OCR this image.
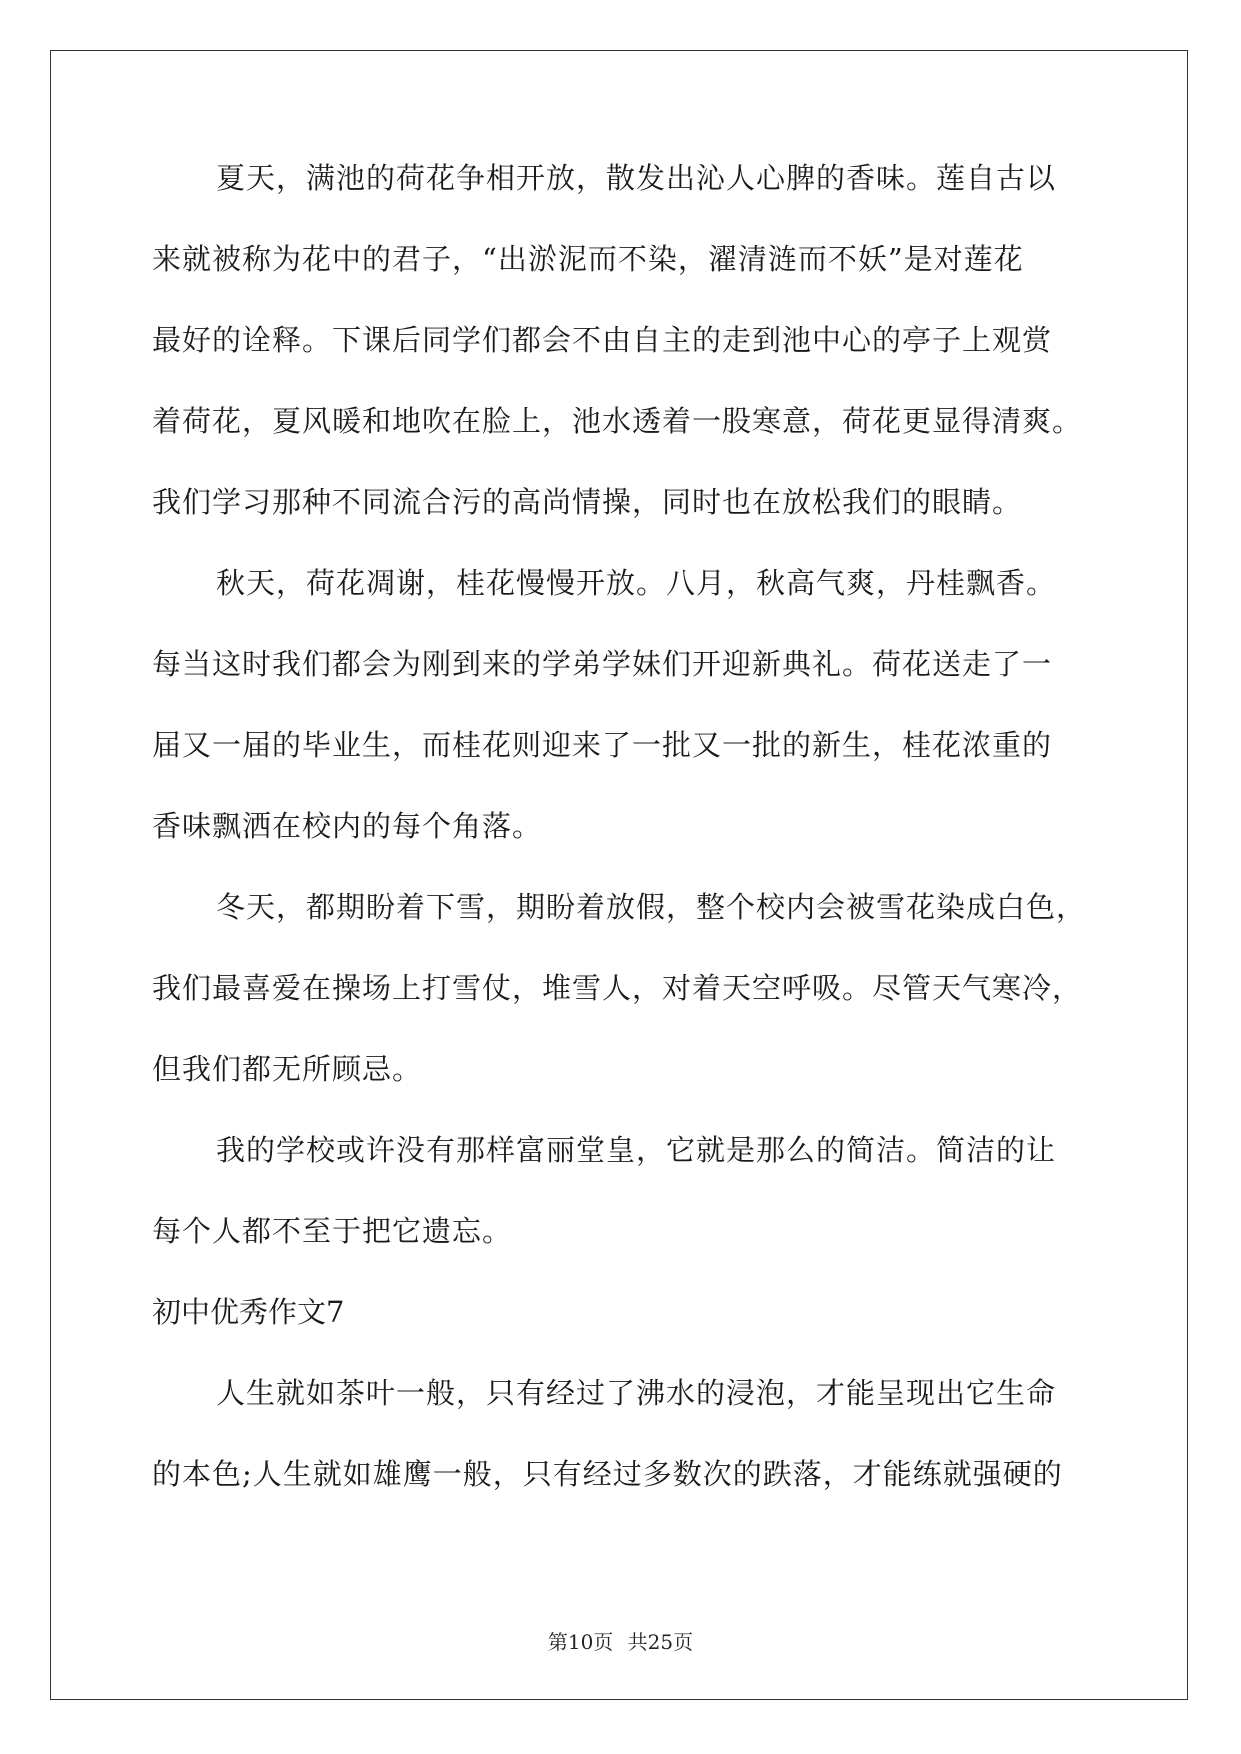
夏天，满池的荷花争相开放，散发出沁人心脾的香味。莲自古以
来就被称为花中的君子，“出淤泥而不染，濯清涟而不妖”是对莲花
最好的诠释。下课后同学们都会不由自主的走到池中心的亭子上观赏
着荷花，夏风暖和地吹在脸上，池水透着一股寒意，荷花更显得清爽。
我们学习那种不同流合污的高尚情操，同时也在放松我们的眼睛。
秋天，荷花凋谢，桂花慢慢开放。八月，秋高气爽，丹桂飘香。
每当这时我们都会为刚到来的学弟学妹们开迎新典礼。荷花送走了一
届又一届的毕业生，而桂花则迎来了一批又一批的新生，桂花浓重的
香味飘洒在校内的每个角落。
冬天，都期盼着下雪，期盼着放假，整个校内会被雪花染成白色，
我们最喜爱在操场上打雪仗，堆雪人，对着天空呼吸。尽管天气寒冷，
但我们都无所顾忌。
我的学校或许没有那样富丽堂皇，它就是那么的简洁。简洁的让
每个人都不至于把它遗忘。
初中优秀作文7
人生就如茶叶一般，只有经过了沸水的浸泡，才能呈现出它生命
的本色;人生就如雄鹰一般，只有经过多数次的跌落，才能练就强硬的
第10页 共25页
